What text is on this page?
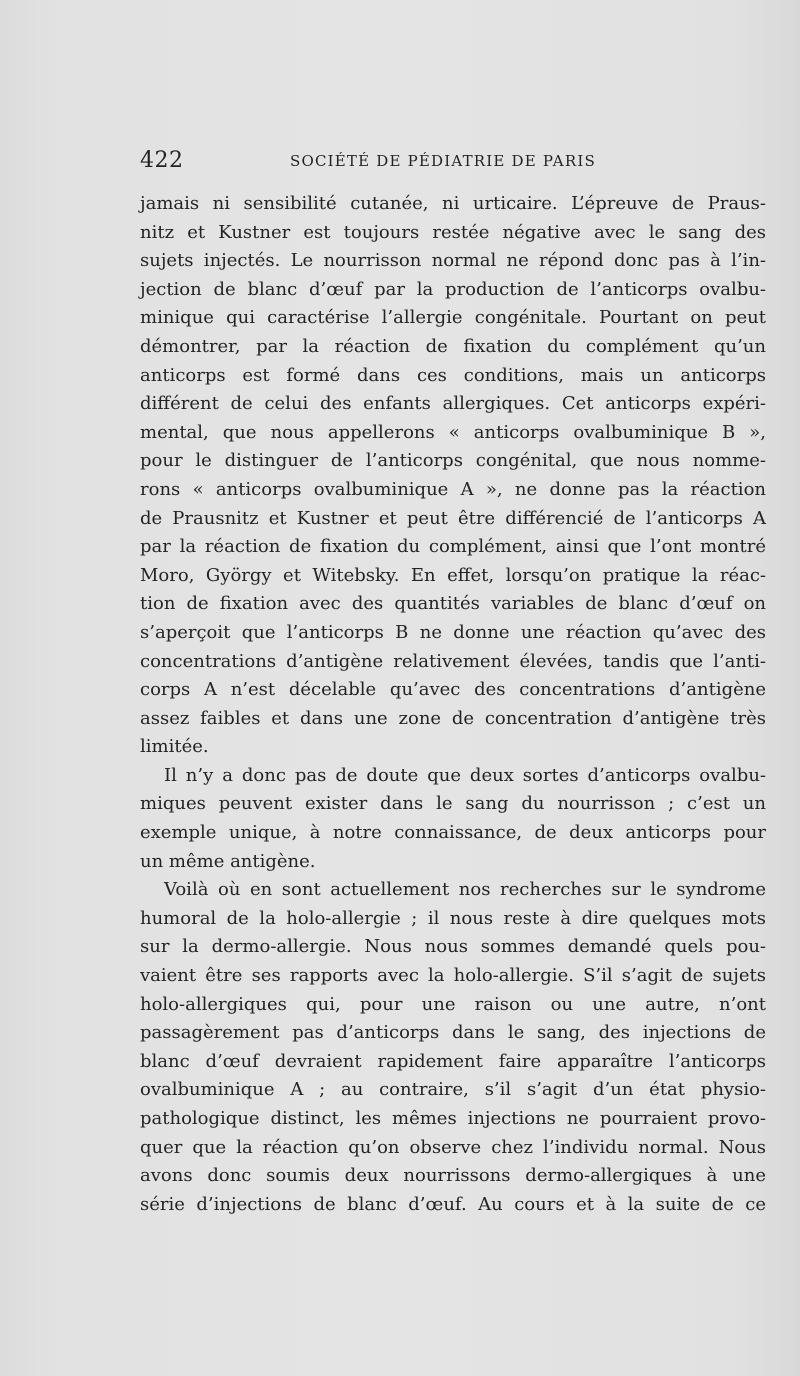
422	SOCIÉTÉ DE PÉDIATRIE DE PARIS
jamais ni sensibilité cutanée, ni urticaire. L’épreuve de Praus-
nitz et Kustner est toujours restée négative avec le sang des
sujets injectés. Le nourrisson normal ne répond donc pas à l’in-
jection de blanc d’œuf par la production de l’anticorps ovalbu-
minique qui caractérise l’allergie congénitale. Pourtant on peut
démontrer, par la réaction de fixation du complément qu’un
anticorps est formé dans ces conditions, mais un anticorps
différent de celui des enfants allergiques. Cet anticorps expéri-
mental, que nous appellerons « anticorps ovalbuminique B »,
pour le distinguer de l’anticorps congénital, que nous nomme-
rons « anticorps ovalbuminique A », ne donne pas la réaction
de Prausnitz et Kustner et peut être différencié de l’anticorps A
par la réaction de fixation du complément, ainsi que l’ont montré
Moro, György et Witebsky. En effet, lorsqu’on pratique la réac-
tion de fixation avec des quantités variables de blanc d’œuf on
s’aperçoit que l’anticorps B ne donne une réaction qu’avec des
concentrations d’antigène relativement élevées, tandis que l’anti-
corps A n’est décelable qu’avec des concentrations d’antigène
assez faibles et dans une zone de concentration d’antigène très
limitée.
Il n’y a donc pas de doute que deux sortes d’anticorps ovalbu-
miques peuvent exister dans le sang du nourrisson ; c’est un
exemple unique, à notre connaissance, de deux anticorps pour
un même antigène.
Voilà où en sont actuellement nos recherches sur le syndrome
humoral de la holo-allergie ; il nous reste à dire quelques mots
sur la dermo-allergie. Nous nous sommes demandé quels pou-
vaient être ses rapports avec la holo-allergie. S’il s’agit de sujets
holo-allergiques qui, pour une raison ou une autre, n’ont
passagèrement pas d’anticorps dans le sang, des injections de
blanc d’œuf devraient rapidement faire apparaître l’anticorps
ovalbuminique A ; au contraire, s’il s’agit d’un état physio-
pathologique distinct, les mêmes injections ne pourraient provo-
quer que la réaction qu’on observe chez l’individu normal. Nous
avons donc soumis deux nourrissons dermo-allergiques à une
série d’injections de blanc d’œuf. Au cours et à la suite de ce
